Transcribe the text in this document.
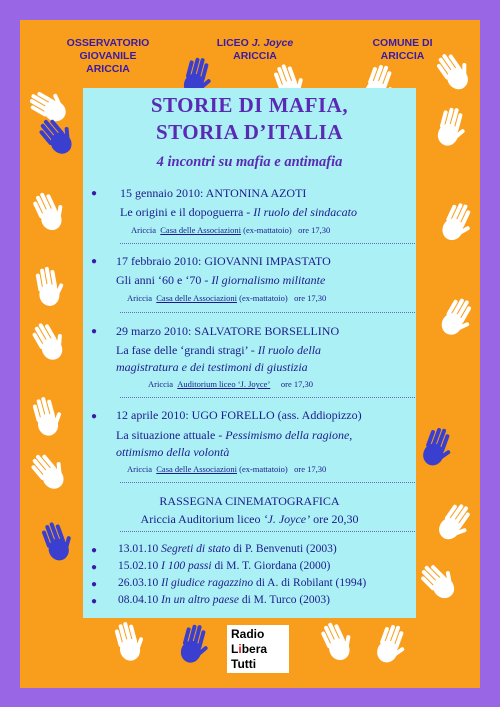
OSSERVATORIO
GIOVANILE
ARICCIA
LICEO J. Joyce
ARICCIA
COMUNE DI
ARICCIA
STORIE DI MAFIA,
STORIA D’ITALIA
4 incontri su mafia e antimafia
● 15 gennaio 2010: ANTONINA AZOTI
Le origini e il dopoguerra - Il ruolo del sindacato
Ariccia Casa delle Associazioni (ex-mattatoio) ore 17,30
● 17 febbraio 2010: GIOVANNI IMPASTATO
Gli anni ‘60 e ‘70 - Il giornalismo militante
Ariccia Casa delle Associazioni (ex-mattatoio) ore 17,30
● 29 marzo 2010: SALVATORE BORSELLINO
La fase delle ‘grandi stragi’ - Il ruolo della
magistratura e dei testimoni di giustizia
Ariccia Auditorium liceo ‘J. Joyce’ ore 17,30
● 12 aprile 2010: UGO FORELLO (ass. Addiopizzo)
La situazione attuale - Pessimismo della ragione,
ottimismo della volontà
Ariccia Casa delle Associazioni (ex-mattatoio) ore 17,30
RASSEGNA CINEMATOGRAFICA
Ariccia Auditorium liceo ‘J. Joyce’ ore 20,30
● 13.01.10 Segreti di stato di P. Benvenuti (2003)
● 15.02.10 I 100 passi di M. T. Giordana (2000)
● 26.03.10 Il giudice ragazzino di A. di Robilant (1994)
● 08.04.10 In un altro paese di M. Turco (2003)
Radio
Libera
Tutti
